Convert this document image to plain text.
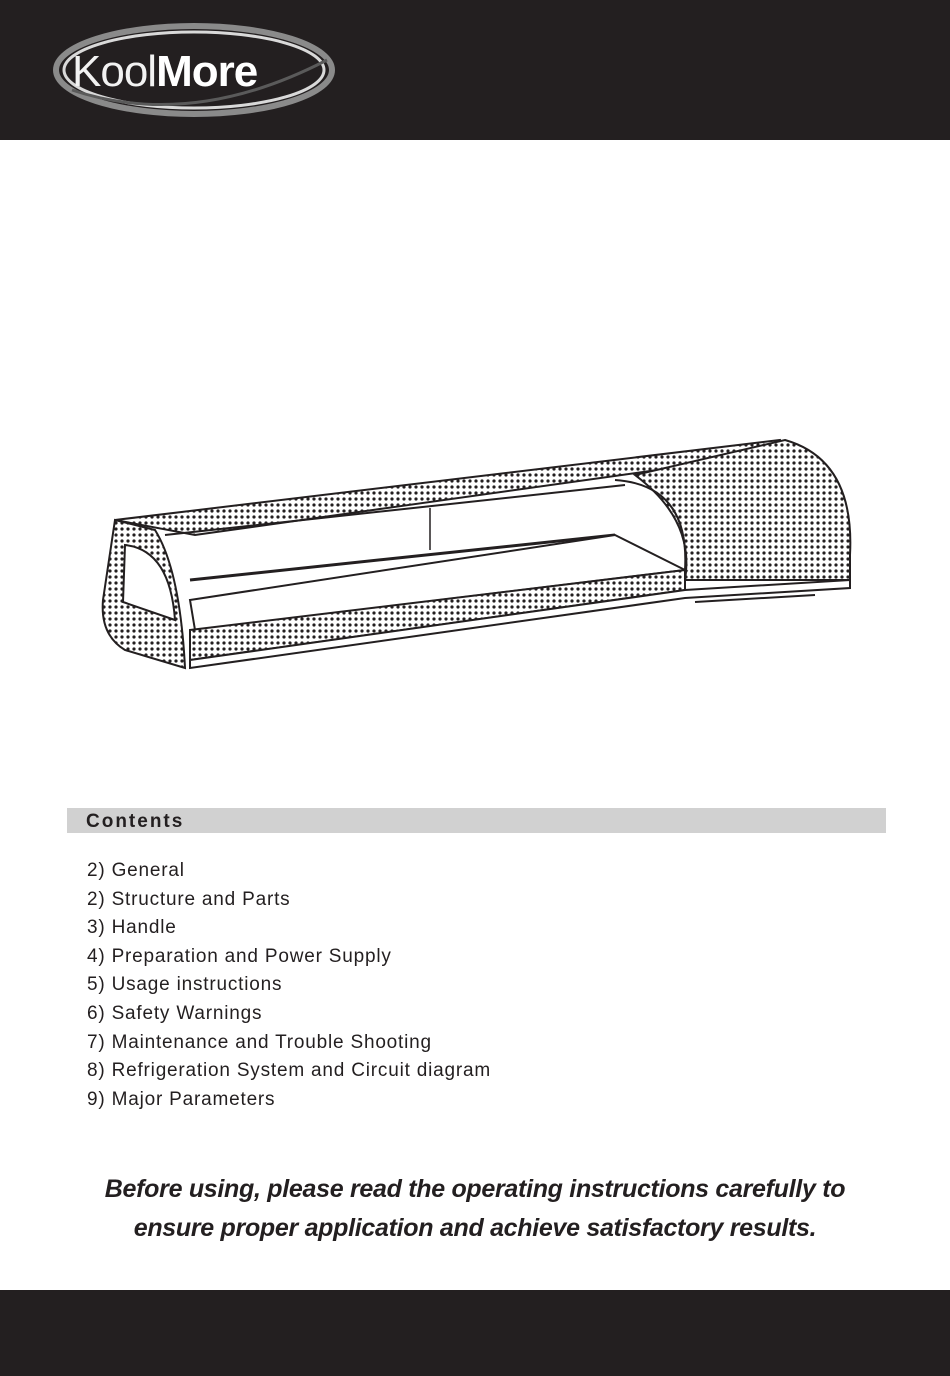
KoolMore
Contents
2) General
2) Structure and Parts
3) Handle
4) Preparation and Power Supply
5) Usage instructions
6) Safety Warnings
7) Maintenance and Trouble Shooting
8) Refrigeration System and Circuit diagram
9) Major Parameters
Before using, please read the operating instructions carefully to
ensure proper application and achieve satisfactory results.
